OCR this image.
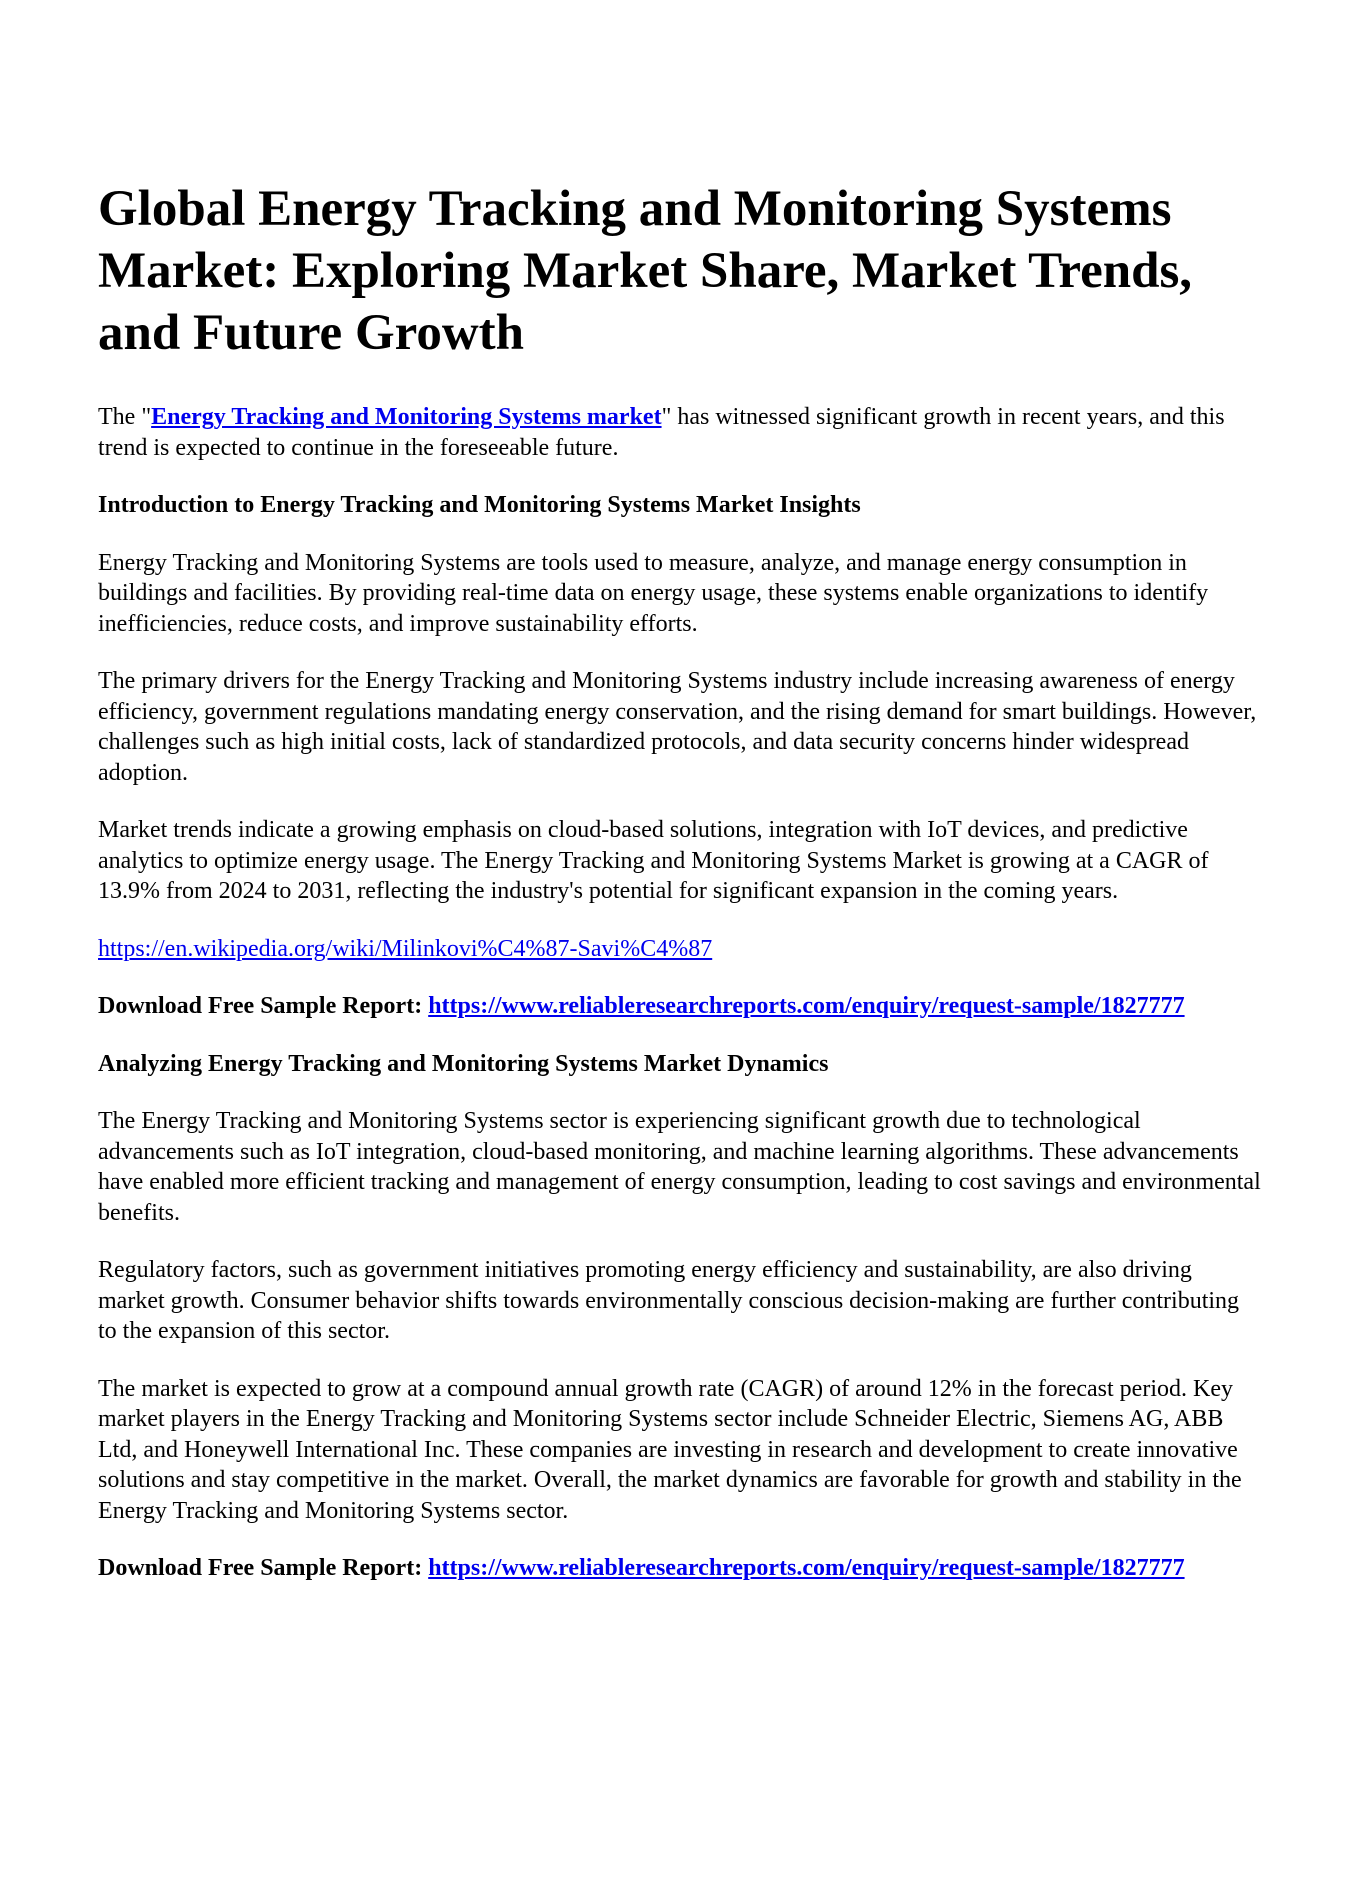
Global Energy Tracking and Monitoring Systems Market: Exploring Market Share, Market Trends, and Future Growth

The "Energy Tracking and Monitoring Systems market" has witnessed significant growth in recent years, and this trend is expected to continue in the foreseeable future.

Introduction to Energy Tracking and Monitoring Systems Market Insights

Energy Tracking and Monitoring Systems are tools used to measure, analyze, and manage energy consumption in buildings and facilities. By providing real-time data on energy usage, these systems enable organizations to identify inefficiencies, reduce costs, and improve sustainability efforts.

The primary drivers for the Energy Tracking and Monitoring Systems industry include increasing awareness of energy efficiency, government regulations mandating energy conservation, and the rising demand for smart buildings. However, challenges such as high initial costs, lack of standardized protocols, and data security concerns hinder widespread adoption.

Market trends indicate a growing emphasis on cloud-based solutions, integration with IoT devices, and predictive analytics to optimize energy usage. The Energy Tracking and Monitoring Systems Market is growing at a CAGR of 13.9% from 2024 to 2031, reflecting the industry's potential for significant expansion in the coming years.

https://en.wikipedia.org/wiki/Milinkovi%C4%87-Savi%C4%87

Download Free Sample Report: https://www.reliableresearchreports.com/enquiry/request-sample/1827777

Analyzing Energy Tracking and Monitoring Systems Market Dynamics

The Energy Tracking and Monitoring Systems sector is experiencing significant growth due to technological advancements such as IoT integration, cloud-based monitoring, and machine learning algorithms. These advancements have enabled more efficient tracking and management of energy consumption, leading to cost savings and environmental benefits.

Regulatory factors, such as government initiatives promoting energy efficiency and sustainability, are also driving market growth. Consumer behavior shifts towards environmentally conscious decision-making are further contributing to the expansion of this sector.

The market is expected to grow at a compound annual growth rate (CAGR) of around 12% in the forecast period. Key market players in the Energy Tracking and Monitoring Systems sector include Schneider Electric, Siemens AG, ABB Ltd, and Honeywell International Inc. These companies are investing in research and development to create innovative solutions and stay competitive in the market. Overall, the market dynamics are favorable for growth and stability in the Energy Tracking and Monitoring Systems sector.

Download Free Sample Report: https://www.reliableresearchreports.com/enquiry/request-sample/1827777
